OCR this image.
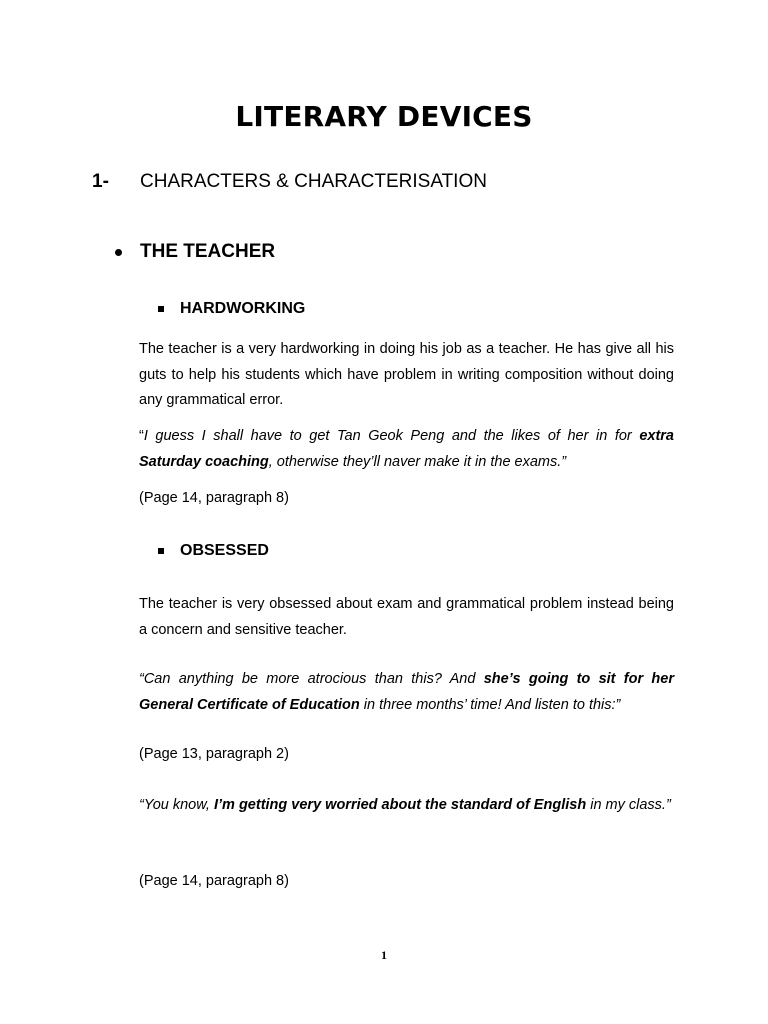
LITERARY DEVICES
1- CHARACTERS & CHARACTERISATION
THE TEACHER
HARDWORKING

The teacher is a very hardworking in doing his job as a teacher. He has give all his guts to help his students which have problem in writing composition without doing any grammatical error.

“I guess I shall have to get Tan Geok Peng and the likes of her in for extra Saturday coaching, otherwise they’ll naver make it in the exams.”

(Page 14, paragraph 8)
OBSESSED

The teacher is very obsessed about exam and grammatical problem instead being a concern and sensitive teacher.

“Can anything be more atrocious than this? And she’s going to sit for her General Certificate of Education in three months’ time! And listen to this:”

(Page 13, paragraph 2)

“You know, I’m getting very worried about the standard of English in my class.”

(Page 14, paragraph 8)
1
